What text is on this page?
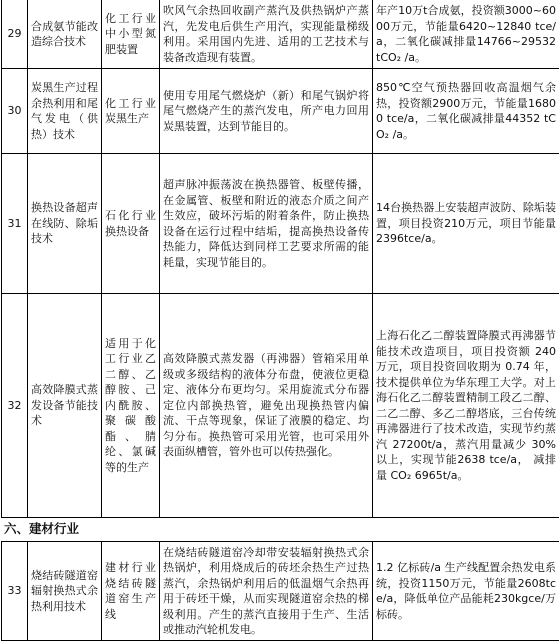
29	合成氨节能改造综合技术	化工行业中小型氮肥装置	吹风气余热回收副产蒸汽及供热锅炉产蒸汽，先发电后供生产用汽，实现能量梯级利用。采用国内先进、适用的工艺技术与装备改造现有装置。	年产10万t合成氨，投资额3000~6000万元，节能量6420~12840 tce/a，二氧化碳减排量14766~29532 tCO₂ /a。
30	炭黑生产过程余热利用和尾气发电（供热）技术	化工行业炭黑生产	使用专用尾气燃烧炉（新）和尾气锅炉将尾气燃烧产生的蒸汽发电，所产电力回用炭黑装置，达到节能目的。	850℃空气预热器回收高温烟气余热，投资额2900万元，节能量16800 tce/a，二氧化碳减排量44352 tCO₂ /a。
31	换热设备超声在线防、除垢技术	石化行业换热设备	超声脉冲振荡波在换热器管、板壁传播，在金属管、板壁和附近的液态介质之间产生效应，破坏污垢的附着条件，防止换热设备在运行过程中结垢，提高换热设备传热能力，降低达到同样工艺要求所需的能耗量，实现节能目的。	14台换热器上安装超声波防、除垢装置，项目投资210万元，项目节能量2396tce/a。
32	高效降膜式蒸发设备节能技术	适用于化工行业乙二醇、乙醇胺、己内酰胺、聚碳酸酯、腈纶、氯碱等的生产	高效降膜式蒸发器（再沸器）管箱采用单级或多级结构的液体分布盘，使液位更稳定、液体分布更均匀。采用旋流式分布器定位内部换热管，避免出现换热管内偏流、干点等现象，保证了液膜的稳定、均匀分布。换热管可采用光管，也可采用外表面纵槽管，管外也可以传热强化。	上海石化乙二醇装置降膜式再沸器节能技术改造项目，项目投资额 240 万元，项目投资回收期为 0.74 年，技术提供单位为华东理工大学。对上海石化乙二醇装置精制工段乙二醇、二乙二醇、多乙二醇塔底，三台传统再沸器进行了技术改造，实现节约蒸汽 27200t/a，蒸汽用量减少 30%以上，实现节能2638 tce/a， 减排量 CO₂ 6965t/a。
六、建材行业
33	烧结砖隧道窑辐射换热式余热利用技术	建材行业烧结砖隧道窑生产线	在烧结砖隧道窑冷却带安装辐射换热式余热锅炉，利用烧成后的砖坯余热生产过热蒸汽，余热锅炉利用后的低温烟气余热再用于砖坯干燥，从而实现隧道窑余热的梯级利用。产生的蒸汽直接用于生产、生活或推动汽轮机发电。	1.2 亿标砖/a 生产线配置余热发电系统，投资1150万元，节能量2608tce/a，降低单位产品能耗230kgce/万标砖。
